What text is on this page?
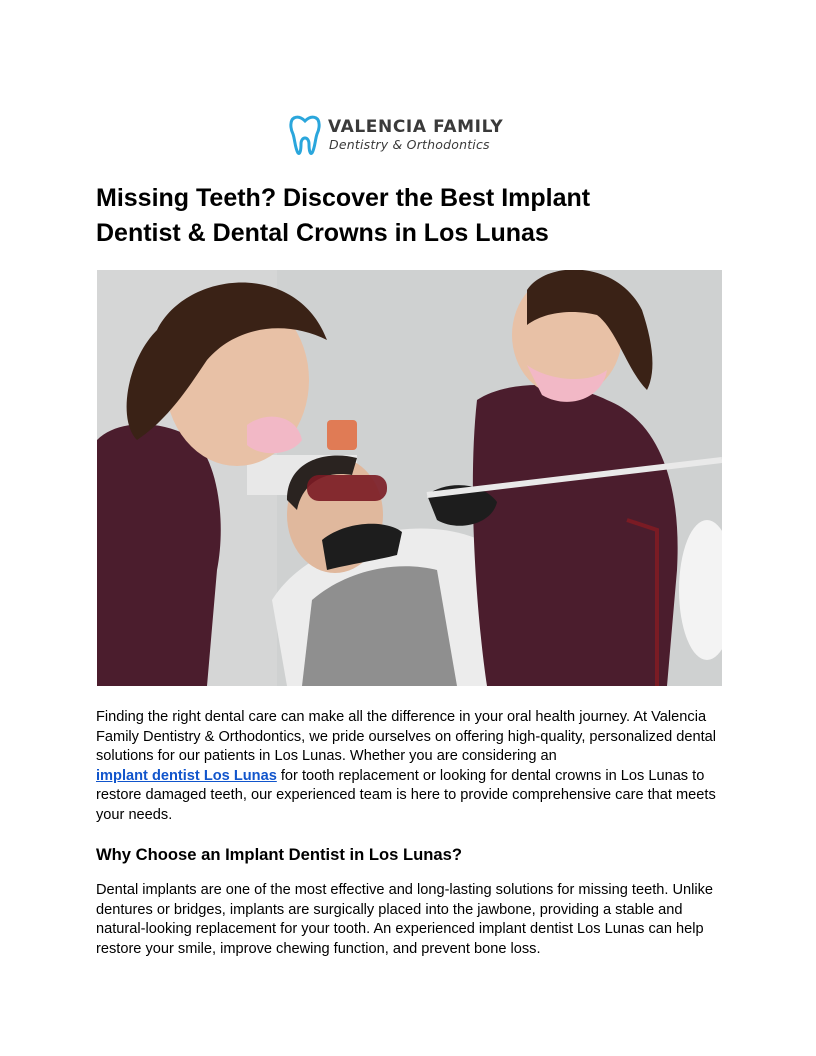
VALENCIA FAMILY
Dentistry & Orthodontics
Missing Teeth? Discover the Best Implant
Dentist & Dental Crowns in Los Lunas

Finding the right dental care can make all the difference in your oral health journey. At Valencia
Family Dentistry & Orthodontics, we pride ourselves on offering high-quality, personalized dental
solutions for our patients in Los Lunas. Whether you are considering an
implant dentist Los Lunas for tooth replacement or looking for dental crowns in Los Lunas to
restore damaged teeth, our experienced team is here to provide comprehensive care that meets
your needs.

Why Choose an Implant Dentist in Los Lunas?

Dental implants are one of the most effective and long-lasting solutions for missing teeth. Unlike
dentures or bridges, implants are surgically placed into the jawbone, providing a stable and
natural-looking replacement for your tooth. An experienced implant dentist Los Lunas can help
restore your smile, improve chewing function, and prevent bone loss.
